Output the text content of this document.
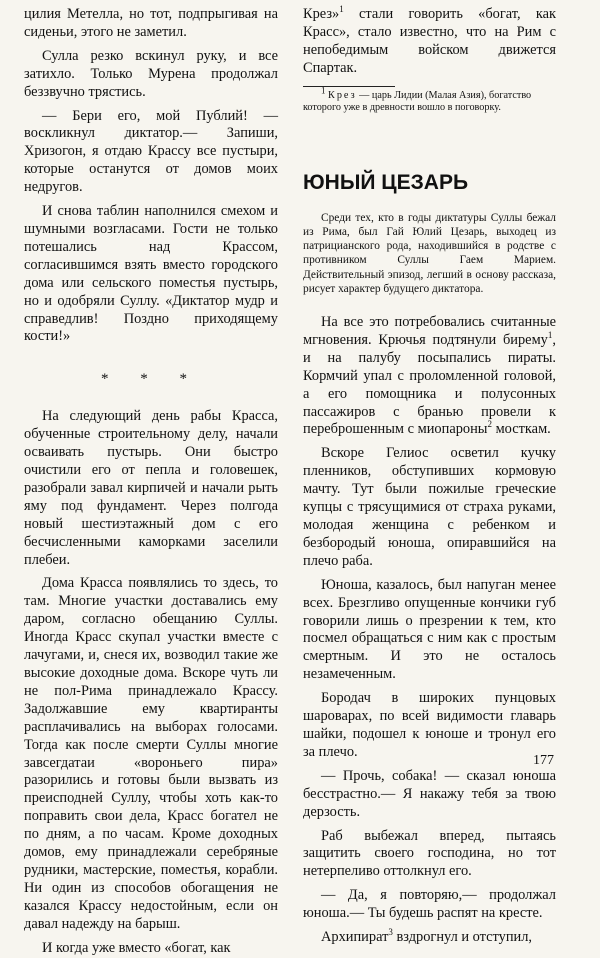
цилия Метелла, но тот, подпрыгивая на сиденьи, этого не заметил.

Сулла резко вскинул руку, и все затихло. Только Мурена продолжал беззвучно трястись.

— Бери его, мой Публий! — воскликнул диктатор.— Запиши, Хризогон, я отдаю Крассу все пустыри, которые останутся от домов моих недругов.

И снова таблин наполнился смехом и шумными возгласами. Гости не только потешались над Крассом, согласившимся взять вместо городского дома или сельского поместья пустырь, но и одобряли Суллу. «Диктатор мудр и справедлив! Поздно приходящему кости!»

* * *

На следующий день рабы Красса, обученные строительному делу, начали осваивать пустырь. Они быстро очистили его от пепла и головешек, разобрали завал кирпичей и начали рыть яму под фундамент. Через полгода новый шестиэтажный дом с его бесчисленными каморками заселили плебеи.

Дома Красса появлялись то здесь, то там. Многие участки доставались ему даром, согласно обещанию Суллы. Иногда Красс скупал участки вместе с лачугами, и, снеся их, возводил такие же высокие доходные дома. Вскоре чуть ли не пол-Рима принадлежало Крассу. Задолжавшие ему квартиранты расплачивались на выборах голосами. Тогда как после смерти Суллы многие завсегдатаи «вороньего пира» разорились и готовы были вызвать из преисподней Суллу, чтобы хоть как-то поправить свои дела, Красс богател не по дням, а по часам. Кроме доходных домов, ему принадлежали серебряные рудники, мастерские, поместья, корабли. Ни один из способов обогащения не казался Крассу недостойным, если он давал надежду на барыш.

И когда уже вместо «богат, как

Крез»$^1$ стали говорить «богат, как Красс», стало известно, что на Рим с непобедимым войском движется Спартак.

$^1$ Крез — царь Лидии (Малая Азия), богатство которого уже в древности вошло в поговорку.

ЮНЫЙ ЦЕЗАРЬ

Среди тех, кто в годы диктатуры Суллы бежал из Рима, был Гай Юлий Цезарь, выходец из патрицианского рода, находившийся в родстве с противником Суллы Гаем Марием. Действительный эпизод, легший в основу рассказа, рисует характер будущего диктатора.

На все это потребовались считанные мгновения. Крючья подтянули бирему$^1$, и на палубу посыпались пираты. Кормчий упал с проломленной головой, а его помощника и полусонных пассажиров с бранью провели к переброшенным с миопароны$^2$ мосткам.

Вскоре Гелиос осветил кучку пленников, обступивших кормовую мачту. Тут были пожилые греческие купцы с трясущимися от страха руками, молодая женщина с ребенком и безбородый юноша, опиравшийся на плечо раба.

Юноша, казалось, был напуган менее всех. Брезгливо опущенные кончики губ говорили лишь о презрении к тем, кто посмел обращаться с ним как с простым смертным. И это не осталось незамеченным.

Бородач в широких пунцовых шароварах, по всей видимости главарь шайки, подошел к юноше и тронул его за плечо.

— Прочь, собака! — сказал юноша бесстрастно.— Я накажу тебя за твою дерзость.

Раб выбежал вперед, пытаясь защитить своего господина, но тот нетерпеливо оттолкнул его.

— Да, я повторяю,— продолжал юноша.— Ты будешь распят на кресте.

Архипират$^3$ вздрогнул и отступил,

177
